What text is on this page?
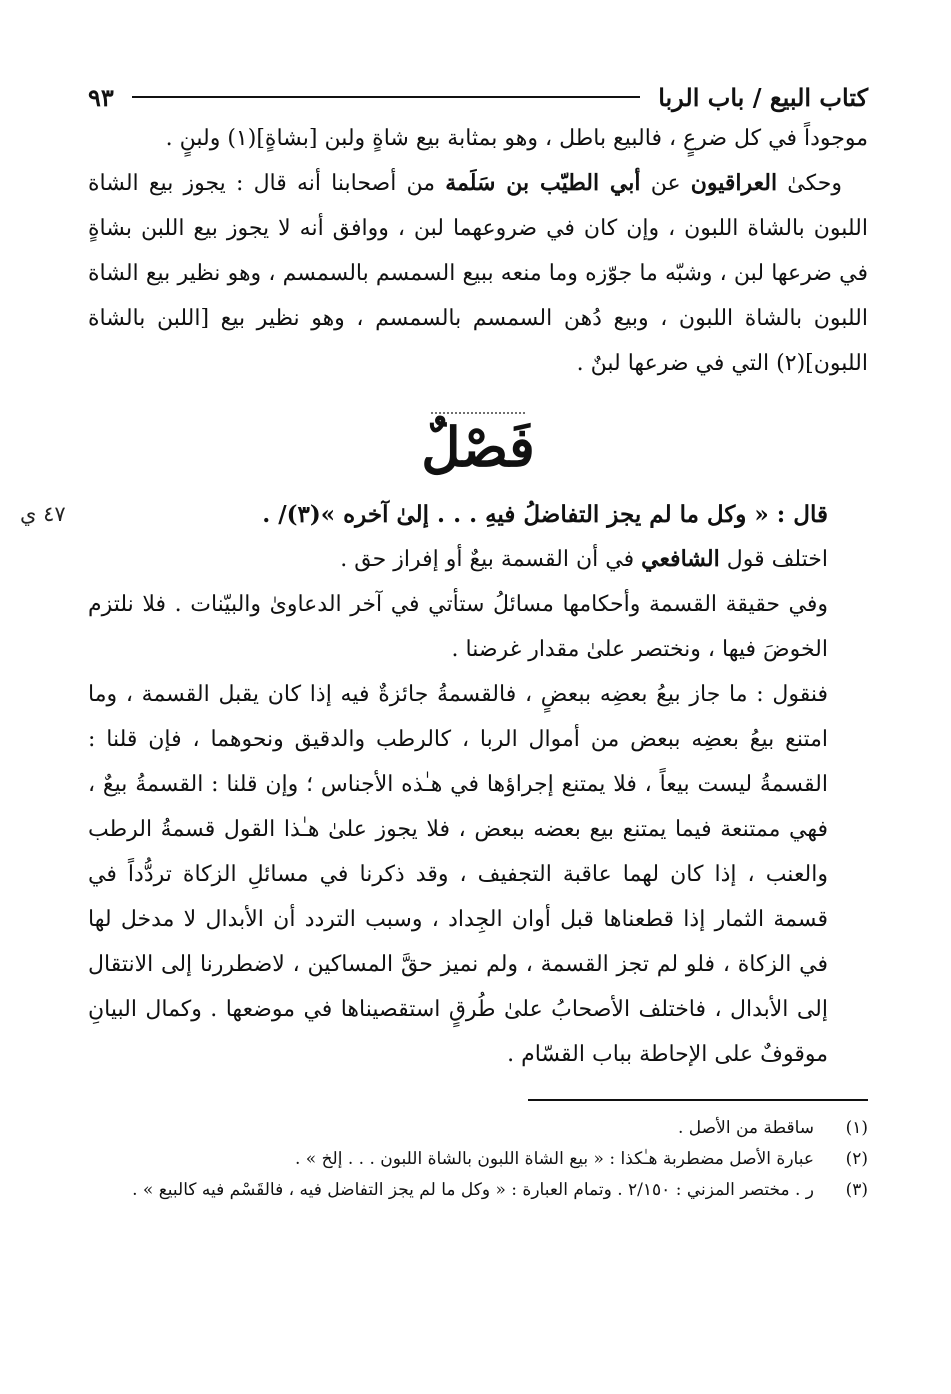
كتاب البيع / باب الربا
٩٣

موجوداً في كل ضرعٍ ، فالبيع باطل ، وهو بمثابة بيع شاةٍ ولبن [بشاةٍ](١) ولبنٍ .

وحكىٰ العراقيون عن أبي الطيّب بن سَلَمة من أصحابنا أنه قال : يجوز بيع الشاة اللبون بالشاة اللبون ، وإن كان في ضروعهما لبن ، ووافق أنه لا يجوز بيع اللبن بشاةٍ في ضرعها لبن ، وشبّه ما جوّزه وما منعه ببيع السمسم بالسمسم ، وهو نظير بيع الشاة اللبون بالشاة اللبون ، وبيع دُهن السمسم بالسمسم ، وهو نظير بيع [اللبن بالشاة اللبون](٢) التي في ضرعها لبنٌ .

فَصْلٌ
قال : « وكل ما لم يجز التفاضلُ فيهِ . . . إلىٰ آخره »(٣)/ .
٤٧ ي

اختلف قول الشافعي في أن القسمة بيعٌ أو إفراز حق .

وفي حقيقة القسمة وأحكامها مسائلُ ستأتي في آخر الدعاوىٰ والبيّنات . فلا نلتزم الخوضَ فيها ، ونختصر علىٰ مقدار غرضنا .

فنقول : ما جاز بيعُ بعضِه ببعضٍ ، فالقسمةُ جائزةٌ فيه إذا كان يقبل القسمة ، وما امتنع بيعُ بعضِه ببعض من أموال الربا ، كالرطب والدقيق ونحوهما ، فإن قلنا : القسمةُ ليست بيعاً ، فلا يمتنع إجراؤها في هـٰذه الأجناس ؛ وإن قلنا : القسمةُ بيعٌ ، فهي ممتنعة فيما يمتنع بيع بعضه ببعض ، فلا يجوز علىٰ هـٰذا القول قسمةُ الرطب والعنب ، إذا كان لهما عاقبة التجفيف ، وقد ذكرنا في مسائلِ الزكاة تردُّداً في قسمة الثمار إذا قطعناها قبل أوان الجِداد ، وسبب التردد أن الأبدال لا مدخل لها في الزكاة ، فلو لم تجز القسمة ، ولم نميز حقَّ المساكين ، لاضطررنا إلى الانتقال إلى الأبدال ، فاختلف الأصحابُ علىٰ طُرقٍ استقصيناها في موضعها . وكمال البيانِ موقوفٌ على الإحاطة بباب القسّام .

(١)
ساقطة من الأصل .
(٢)
عبارة الأصل مضطربة هـٰكذا : « بيع الشاة اللبون بالشاة اللبون . . . إلخ » .
(٣)
ر . مختصر المزني : ٢/١٥٠ . وتمام العبارة : « وكل ما لم يجز التفاضل فيه ، فالقَسْم فيه كالبيع » .
